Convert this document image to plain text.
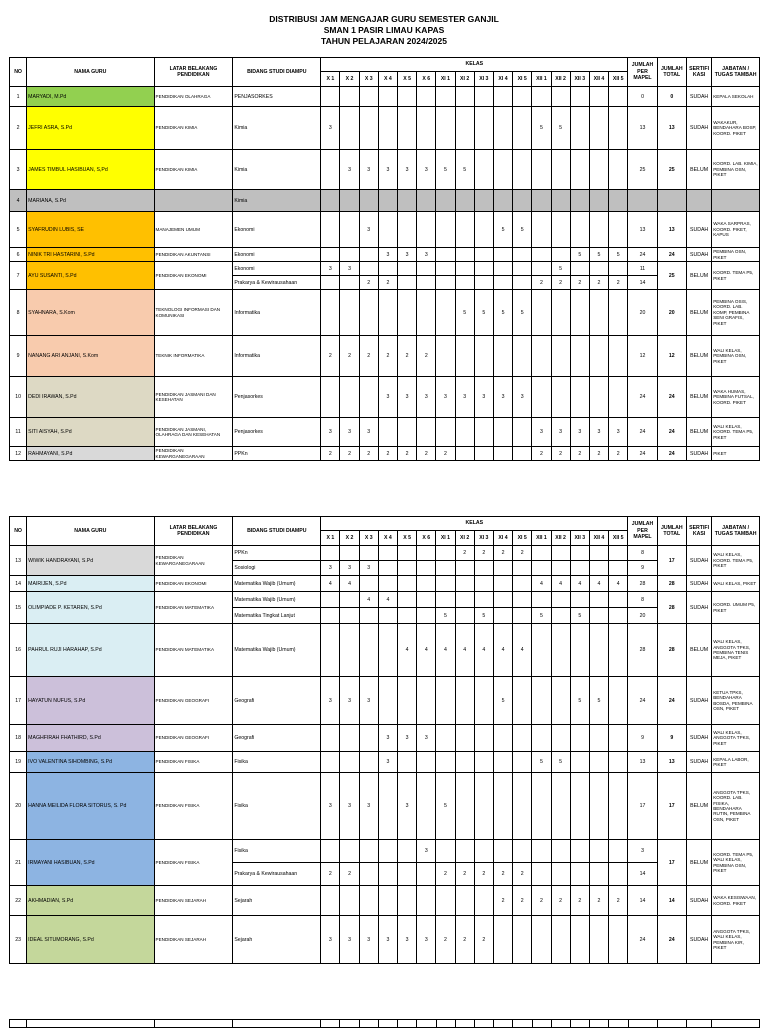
DISTRIBUSI JAM MENGAJAR GURU SEMESTER GANJIL
SMAN 1 PASIR LIMAU KAPAS
TAHUN PELAJARAN 2024/2025
NO	NAMA GURU	LATAR BELAKANG PENDIDIKAN	BIDANG STUDI DIAMPU	KELAS																JUMLAH PER MAPEL	JUMLAH TOTAL	SERTIFI KASI	JABATAN / TUGAS TAMBAH
				X 1	X 2	X 3	X 4	X 5	X 6	XI 1	XI 2	XI 3	XI 4	XI 5	XII 1	XII 2	XII 3	XII 4	XII 5				
1	MARYADI, M.Pd	PENDIDIKAN OLAHRAGA	PENJASORKES																	0	0	SUDAH	KEPALA SEKOLAH
2	JEFRI ASRA, S.Pd	PENDIDIKAN KIMIA	Kimia	3											5	5				13	13	SUDAH	WAKAKUR, BENDAHARA BOSP, KOORD. PIKET
3	JAMES TIMBUL HASIBUAN, S,Pd	PENDIDIKAN KIMIA	Kimia		3	3	3	3	3	5	5									25	25	BELUM	KOORD. LAB. KIMIA, PEMBINA OSN, PIKET
4	MARIANA, S.Pd		Kimia																				
5	SYAFRUDIN LUBIS, SE	MANAJEMEN UMUM	Ekonomi			3							5	5						13	13	SUDAH	WAKA SARPRAS, KOORD. PIKET, KAPUS
6	NINIK TRI HASTARINI, S.Pd	PENDIDIKAN AKUNTANSI	Ekonomi				3	3	3								5	5	5	24	24	SUDAH	PEMBINA OSN, PIKET
7	AYU SUSANTI, S.Pd	PENDIDIKAN EKONOMI	Ekonomi	3	3											5				11	25	BELUM	KOORD. TEMA P5, PIKET
			Prakarya & Kewirausahaan			2	2								2	2	2	2	2	14			
8	SYAHNARA, S.Kom	TEKNOLOGI INFORMASI DAN KOMUNIKASI	Informatika								5	5	5	5						20	20	BELUM	PEMBINA OSIS, KOORD. LAB. KOMP, PEMBINA SENI GRAFIS, PIKET
9	NANANG ARI ANJANI, S.Kom	TEKNIK INFORMATIKA	Informatika	2	2	2	2	2	2											12	12	BELUM	WALI KELAS, PEMBINA OSN, PIKET
10	DEDI IRAWAN, S.Pd	PENDIDIKAN JASMANI DAN KESEHATAN	Penjasorkes				3	3	3	3	3	3	3	3						24	24	BELUM	WAKA HUMAS, PEMBINA FUTSAL, KOORD. PIKET
11	SITI AISYAH, S.Pd	PENDIDIKAN JASMANI, OLAHRAGA DAN KESEHATAN	Penjasorkes	3	3	3									3	3	3	3	3	24	24	BELUM	WALI KELAS, KOORD. TEMA P5, PIKET
12	RAHMAYANI, S.Pd	PENDIDIKAN KEWARGANEGARAAN	PPKn	2	2	2	2	2	2	2					2	2	2	2	2	24	24	SUDAH	PIKET
NO	NAMA GURU	LATAR BELAKANG PENDIDIKAN	BIDANG STUDI DIAMPU	KELAS																JUMLAH PER MAPEL	JUMLAH TOTAL	SERTIFI KASI	JABATAN / TUGAS TAMBAH
				X 1	X 2	X 3	X 4	X 5	X 6	XI 1	XI 2	XI 3	XI 4	XI 5	XII 1	XII 2	XII 3	XII 4	XII 5				
13	WIWIK HANDRAYANI, S.Pd	PENDIDIKAN KEWARGANEGARAAN	PPKn								2	2	2	2						8	17	SUDAH	WALI KELAS, KOORD. TEMA P5, PIKET
			Sosiologi	3	3	3														9			
14	MAIRIJEN, S.Pd	PENDIDIKAN EKONOMI	Matematika Wajib (Umum)	4	4										4	4	4	4	4	28	28	SUDAH	WALI KELAS, PIKET
15	OLIMPIADE P. KETAREN, S.Pd	PENDIDIKAN MATEMATIKA	Matematika Wajib (Umum)			4	4													8	28	SUDAH	KOORD. UMUM P5, PIKET
			Matematika Tingkat Lanjut							5		5			5		5			20			
16	PAHRUL RUJI HARAHAP, S.Pd	PENDIDIKAN MATEMATIKA	Matematika Wajib (Umum)					4	4	4	4	4	4	4						28	28	BELUM	WALI KELAS, ANGGOTA TPKS, PEMBINA TENIS MEJA, PIKET
17	HAYATUN NUFUS, S.Pd	PENDIDIKAN GEOGRAFI	Geografi	3	3	3							5				5	5		24	24	SUDAH	KETUA TPKS, BENDAHARA BOSDA, PEMBINA OSN, PIKET
18	MAGHFIRAH FHATHIRD, S.Pd	PENDIDIKAN GEOGRAFI	Geografi				3	3	3											9	9	SUDAH	WALI KELAS, ANGGOTA TPKS, PIKET
19	IVO VALENTINA SIHOMBING, S.Pd	PENDIDIKAN FISIKA	Fisika				3								5	5				13	13	SUDAH	KEPALA LABOR, PIKET
20	HANNA MEILIDA FLORA SITORUS, S. Pd	PENDIDIKAN FISIKA	Fisika	3	3	3		3		5										17	17	BELUM	ANGGOTA TPKS, KOORD. LAB. FISIKA, BENDAHARA RUTIN, PEMBINA OSN, PIKET
21	IRMAYANI HASIBUAN, S.Pd	PENDIDIKAN FISIKA	Fisika						3											3	17	BELUM	KOORD. TEMA P5, WALI KELAS, PEMBINA OSN, PIKET
			Prakarya & Kewirausahaan	2	2					2	2	2	2	2						14			
22	AKHMADIAN, S.Pd	PENDIDIKAN SEJARAH	Sejarah										2	2	2	2	2	2	2	14	14	SUDAH	WAKA KESISWAAN, KOORD. PIKET
23	IDEAL SITUMORANG, S.Pd	PENDIDIKAN SEJARAH	Sejarah	3	3	3	3	3	3	2	2	2								24	24	SUDAH	ANGGOTA TPKS, WALI KELAS, PEMBINA KIR, PIKET
